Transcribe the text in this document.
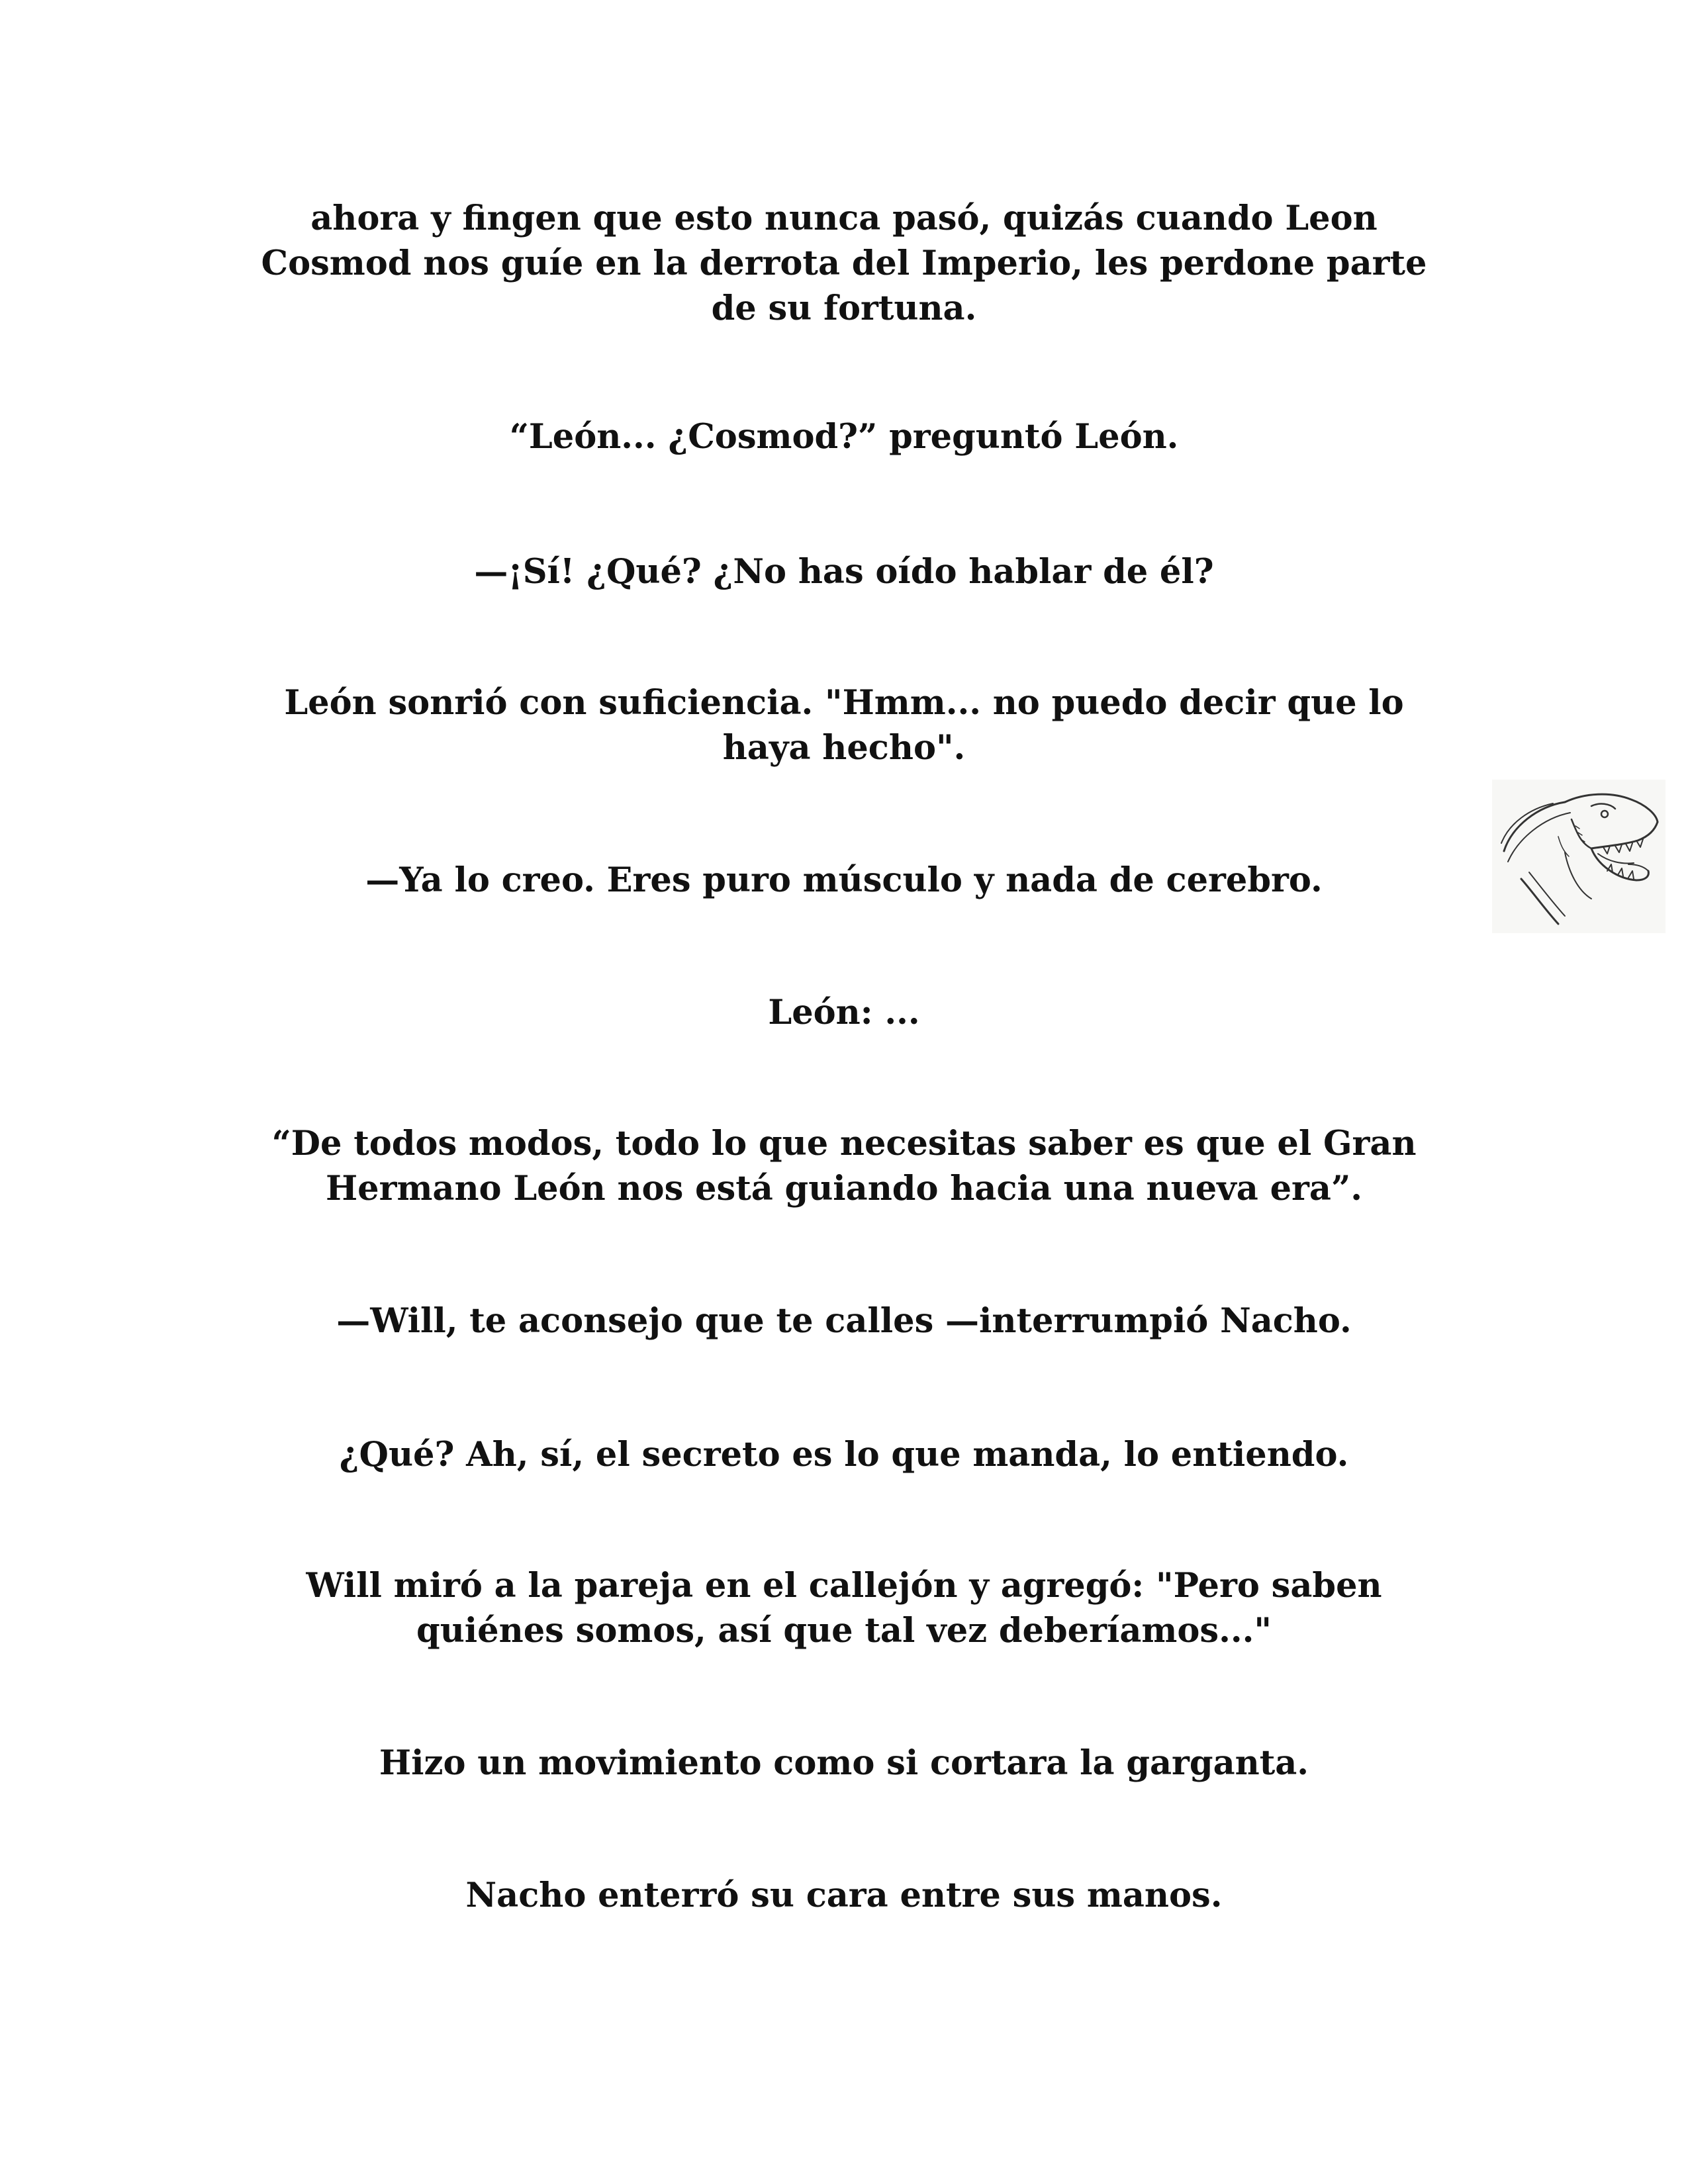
ahora y fingen que esto nunca pasó, quizás cuando Leon
Cosmod nos guíe en la derrota del Imperio, les perdone parte
de su fortuna.

“León... ¿Cosmod?” preguntó León.

—¡Sí! ¿Qué? ¿No has oído hablar de él?

León sonrió con suficiencia. "Hmm... no puedo decir que lo
haya hecho".

—Ya lo creo. Eres puro músculo y nada de cerebro.

León: ...

“De todos modos, todo lo que necesitas saber es que el Gran
Hermano León nos está guiando hacia una nueva era”.

—Will, te aconsejo que te calles —interrumpió Nacho.

¿Qué? Ah, sí, el secreto es lo que manda, lo entiendo.

Will miró a la pareja en el callejón y agregó: "Pero saben
quiénes somos, así que tal vez deberíamos..."

Hizo un movimiento como si cortara la garganta.

Nacho enterró su cara entre sus manos.
